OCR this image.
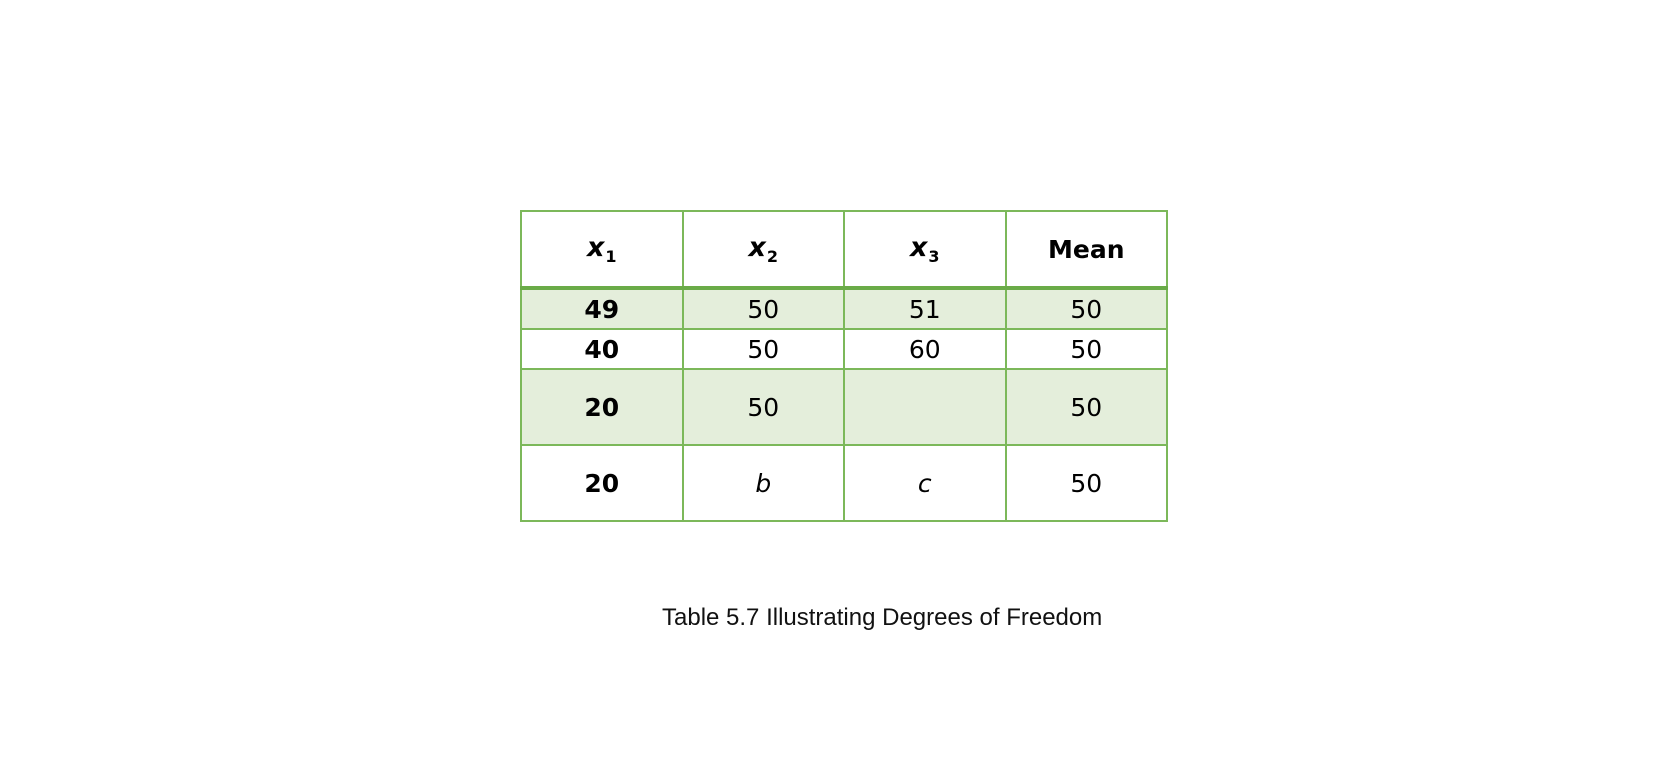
$x_1$	$x_2$	$x_3$	Mean
49	50	51	50
40	50	60	50
20	50		50
20	b	c	50
Table 5.7 Illustrating Degrees of Freedom
